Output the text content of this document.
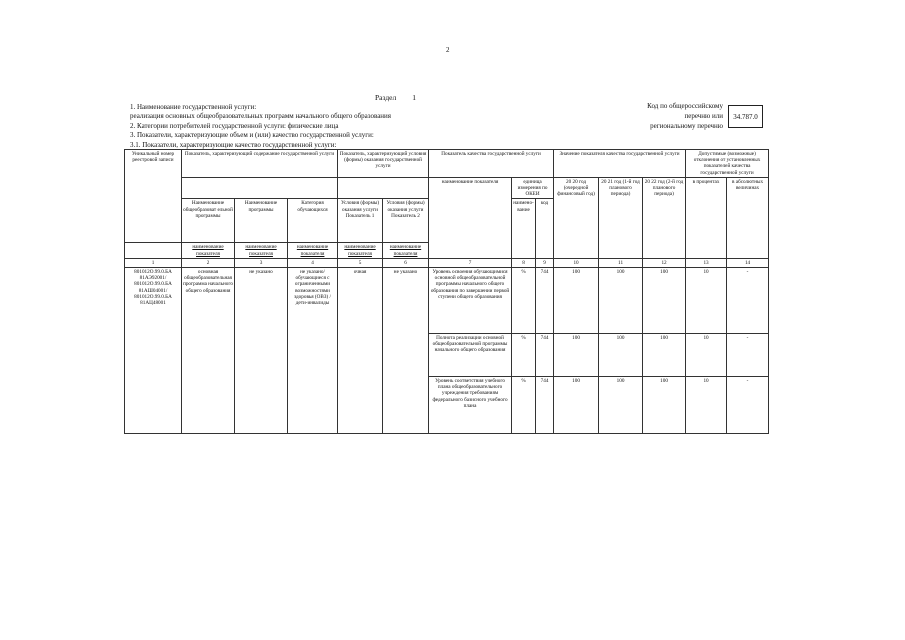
2
Раздел 1
1. Наименование государственной услуги:
реализация основных общеобразовательных программ начального общего образования
2. Категории потребителей государственной услуги: физические лица
3. Показатели, характеризующие объем и (или) качество государственной услуги:
3.1. Показатели, характеризующие качество государственной услуги:
Код по общероссийскому
перечню или
региональному перечню
34.787.0
Уникальный номер реестровой записи	Показатель, характеризующий содержание государственной услуги			Показатель, характеризующий условия (формы) оказания государственной услуги		Показатель качества государственной услуги			Значение показателя качества государственной услуги			Допустимые (возможные) отклонения от установленных показателей качества государственной услуги	
						наименование показателя	единица измерения по ОКЕИ		20 20 год (очередной финансовый год)	20 21 год (1-й год планового периода)	20 22 год (2-й год планового периода)	в процентах	в абсолютных величинах
	Наименование общеобразоват ельной программы	Наименование программы	Категория обучающихся	Условия (формы) оказания услуги Показатель 1	Условия (формы) оказания услуги Показатель 2		наимено-вание	код					
	наименование показателя	наименование показателя	наименование показателя	наименование показателя	наименование показателя								
1	2	3	4	5	6	7	8	9	10	11	12	13	14
801012О.99.0.БА 81АЭ92001/ 801012О.99.0.БА 81АШ04001/ 801012О.99.0.БА 81АЦ48001	основная общеобразовательная программа начального общего образования	не указано	не указано/ обучающиеся с ограниченными возможностями здоровья (ОВЗ) / дети-инвалиды	очная	не указано	Уровень освоения обучающимися основной общеобразовательной программы начального общего образования по завершении первой ступени общего образования	%	744	100	100	100	10	-
						Полнота реализации основной общеобразовательной программы начального общего образования	%	744	100	100	100	10	-
						Уровень соответствия учебного плана общеобразовательного учреждения требованиям федерального базисного учебного плана	%	744	100	100	100	10	-
